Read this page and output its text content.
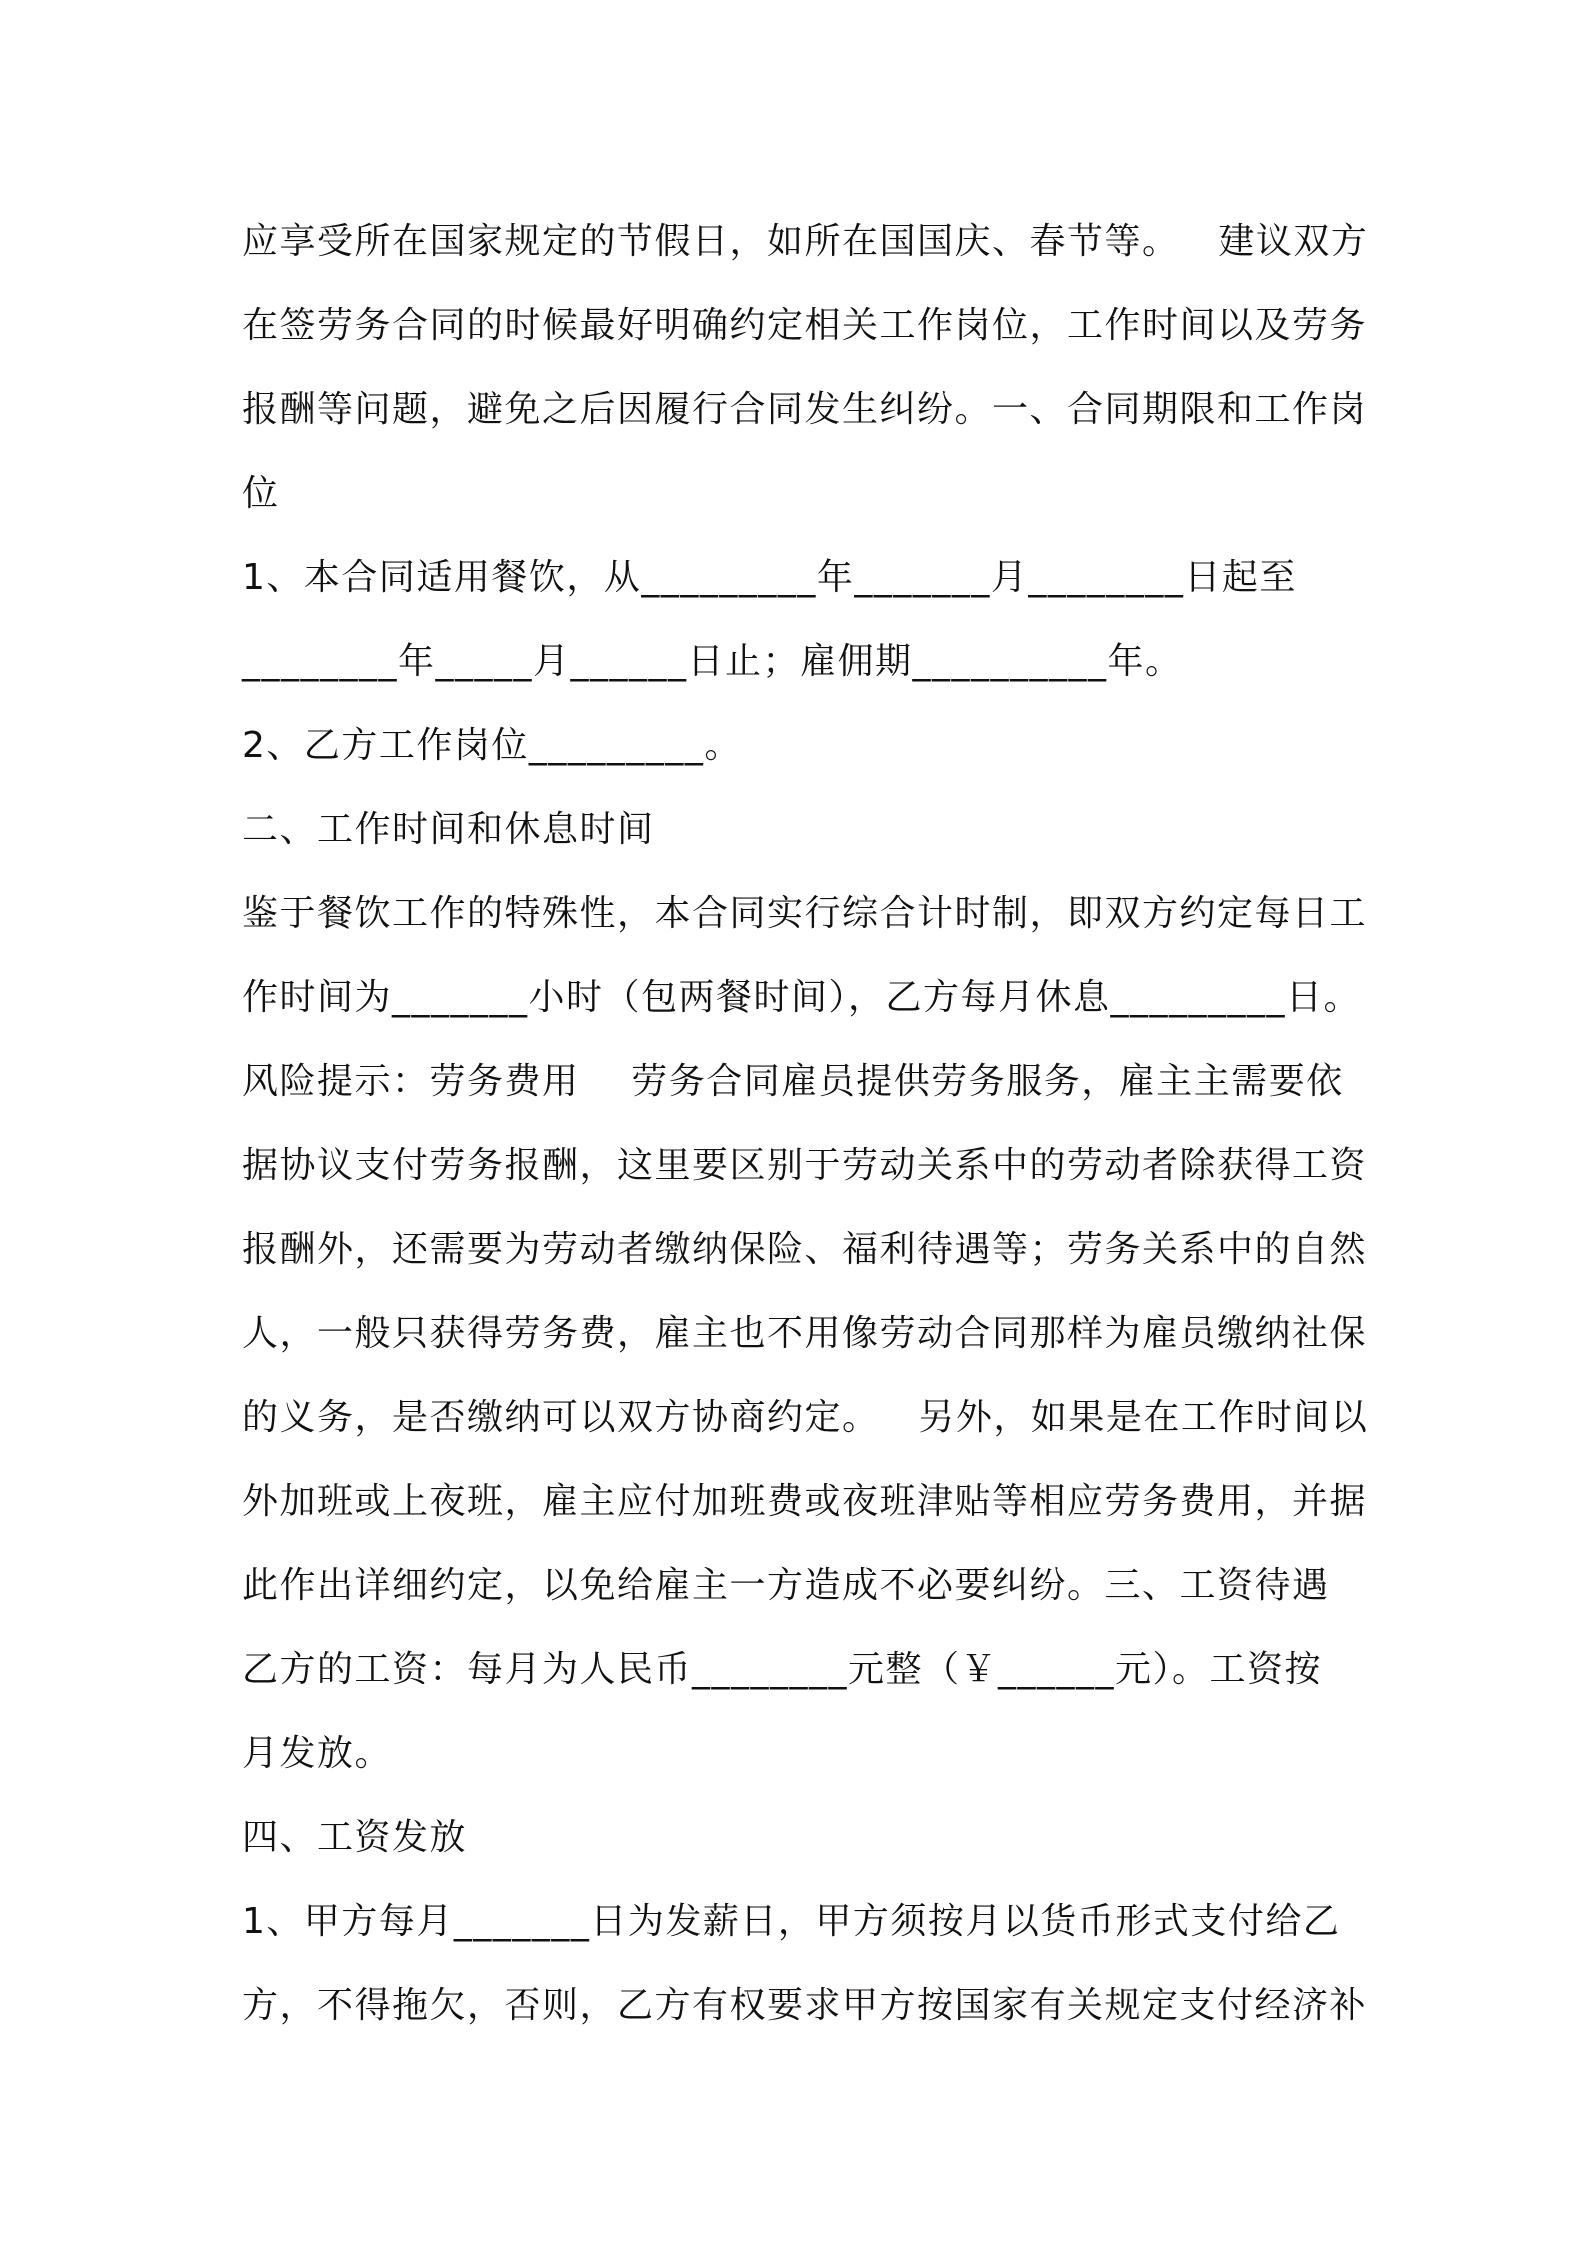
应享受所在国家规定的节假日，如所在国国庆、春节等。   建议双方
在签劳务合同的时候最好明确约定相关工作岗位，工作时间以及劳务
报酬等问题，避免之后因履行合同发生纠纷。一、合同期限和工作岗
位
1、本合同适用餐饮，从_________年_______月________日起至
________年_____月______日止；雇佣期__________年。
2、乙方工作岗位_________。
二、工作时间和休息时间
鉴于餐饮工作的特殊性，本合同实行综合计时制，即双方约定每日工
作时间为_______小时（包两餐时间），乙方每月休息_________日。
风险提示：劳务费用    劳务合同雇员提供劳务服务，雇主主需要依
据协议支付劳务报酬，这里要区别于劳动关系中的劳动者除获得工资
报酬外，还需要为劳动者缴纳保险、福利待遇等；劳务关系中的自然
人，一般只获得劳务费，雇主也不用像劳动合同那样为雇员缴纳社保
的义务，是否缴纳可以双方协商约定。   另外，如果是在工作时间以
外加班或上夜班，雇主应付加班费或夜班津贴等相应劳务费用，并据
此作出详细约定，以免给雇主一方造成不必要纠纷。三、工资待遇
乙方的工资：每月为人民币________元整（￥______元）。工资按
月发放。
四、工资发放
1、甲方每月_______日为发薪日，甲方须按月以货币形式支付给乙
方，不得拖欠，否则，乙方有权要求甲方按国家有关规定支付经济补
